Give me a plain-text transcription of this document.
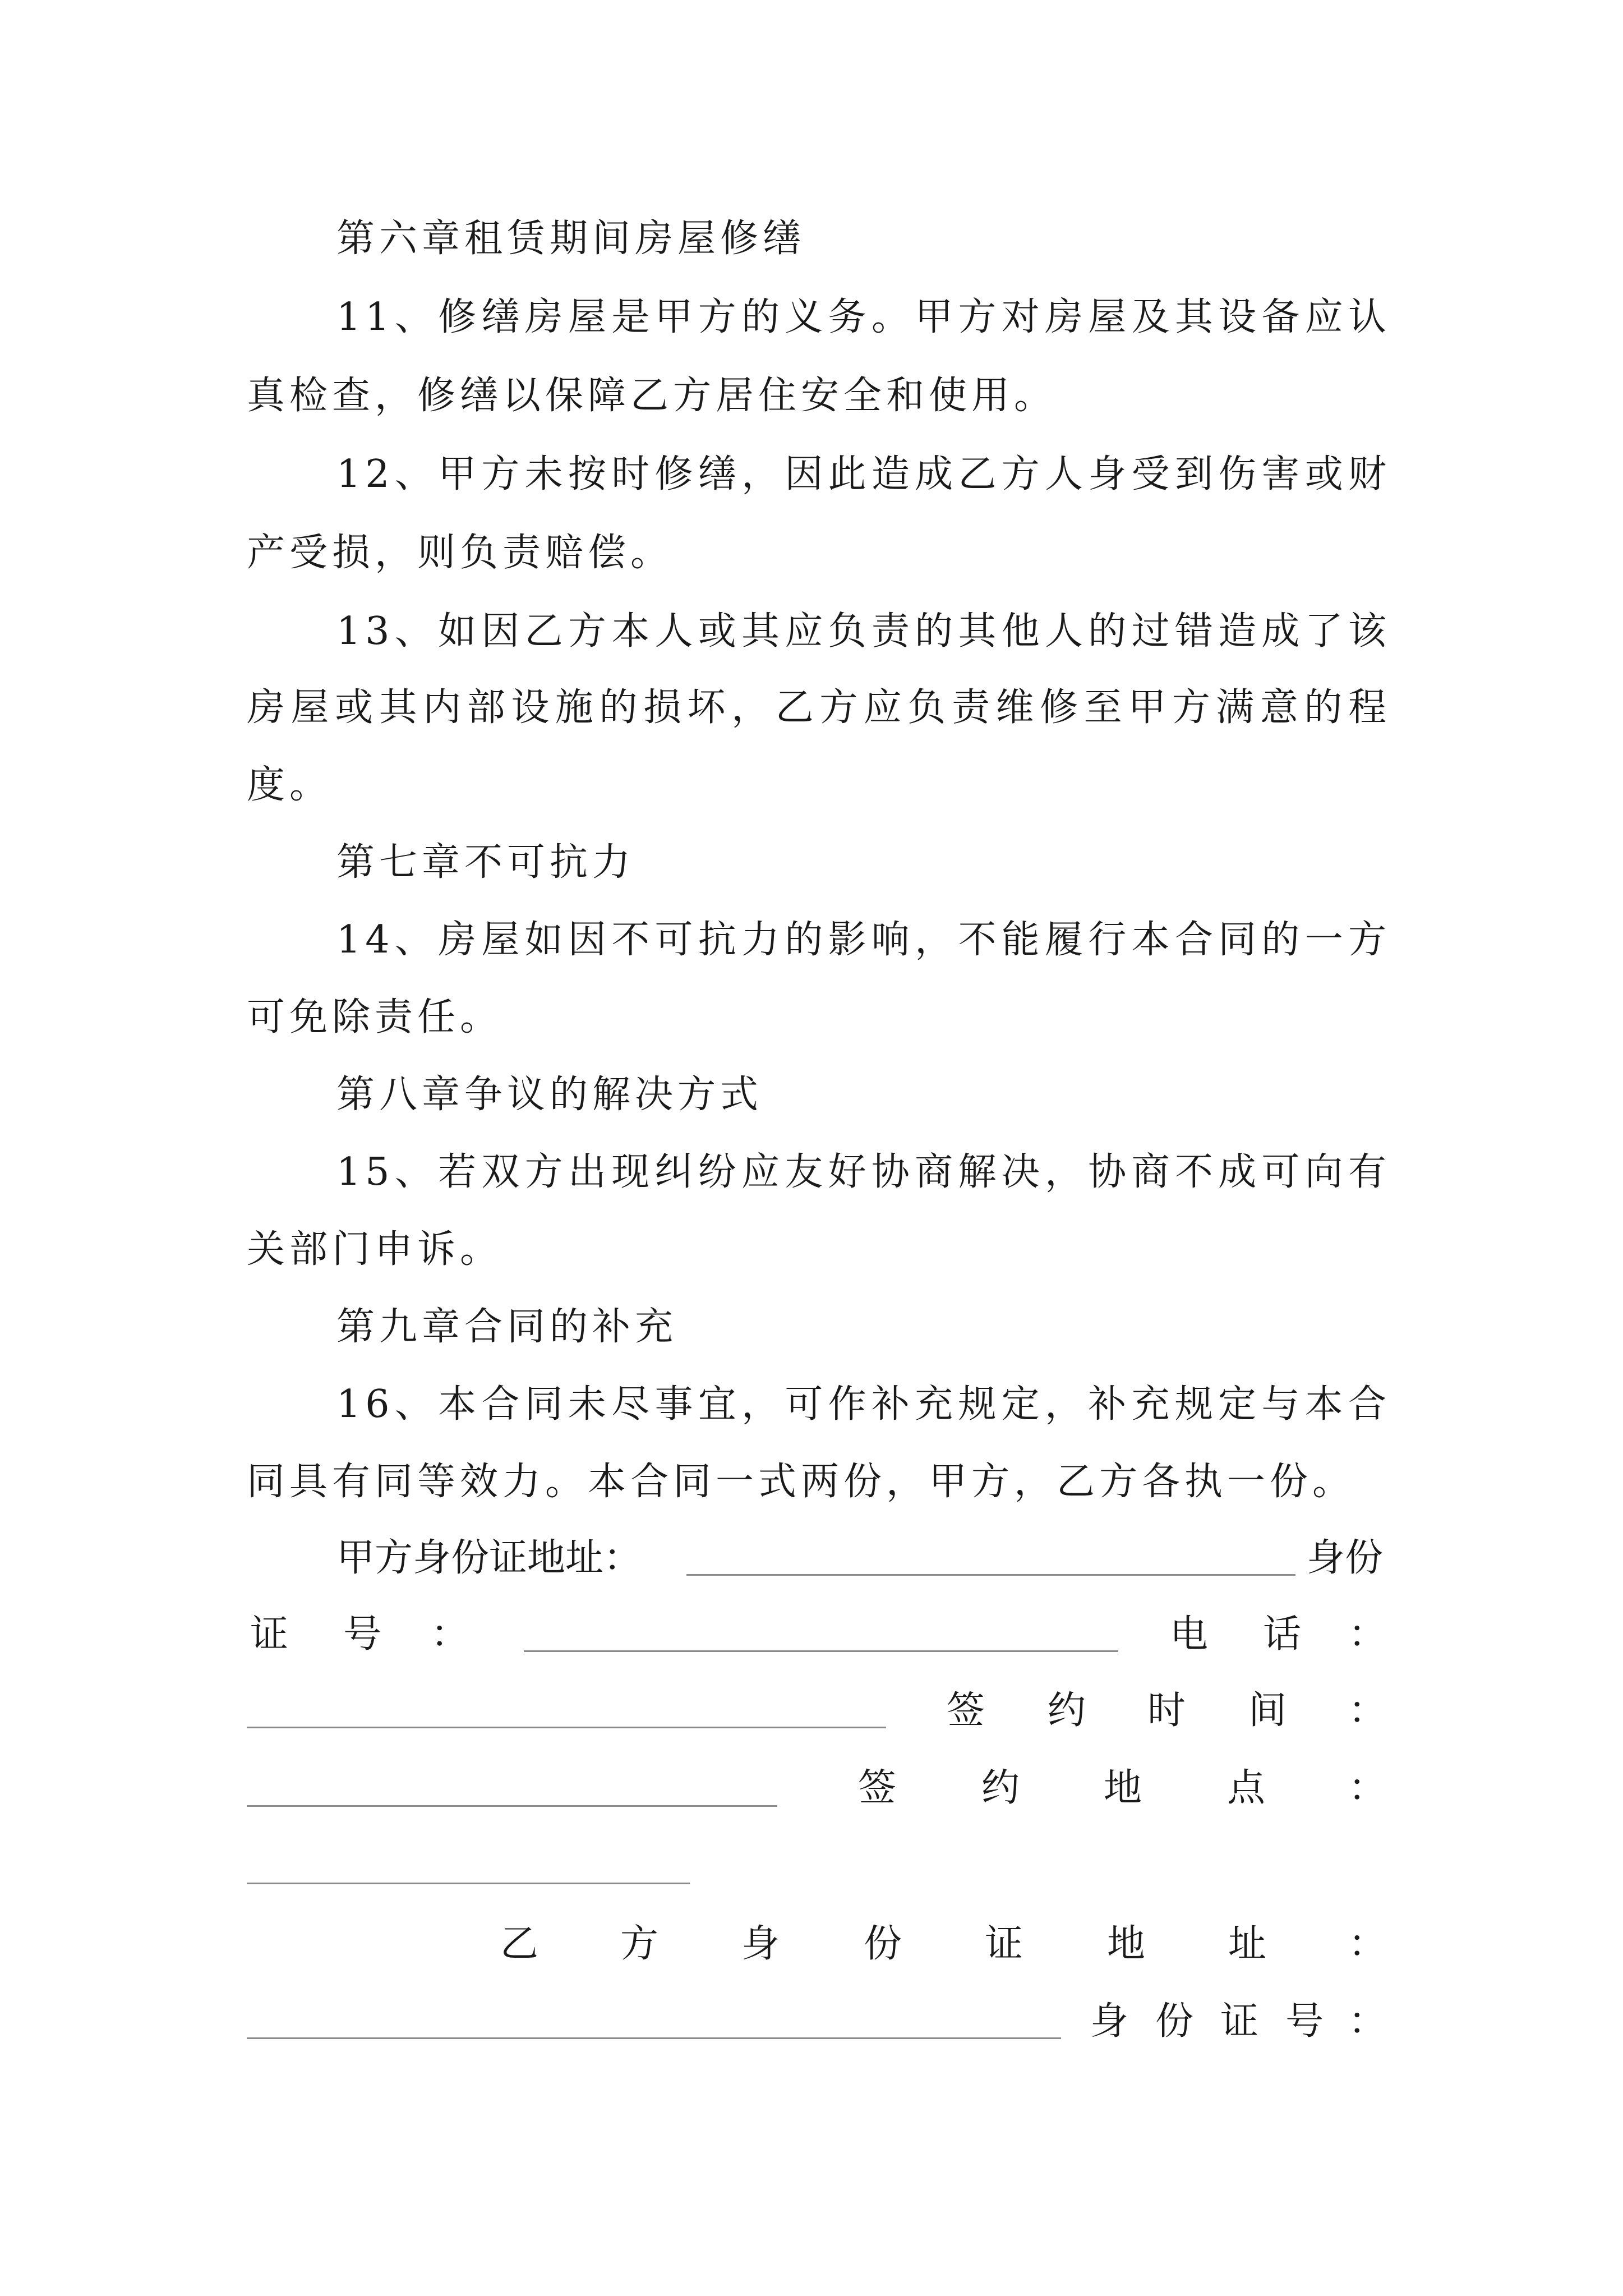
第六章租赁期间房屋修缮
11、修缮房屋是甲方的义务。甲方对房屋及其设备应认
真检查，修缮以保障乙方居住安全和使用。
12、甲方未按时修缮，因此造成乙方人身受到伤害或财
产受损，则负责赔偿。
13、如因乙方本人或其应负责的其他人的过错造成了该
房屋或其内部设施的损坏，乙方应负责维修至甲方满意的程
度。
第七章不可抗力
14、房屋如因不可抗力的影响，不能履行本合同的一方
可免除责任。
第八章争议的解决方式
15、若双方出现纠纷应友好协商解决，协商不成可向有
关部门申诉。
第九章合同的补充
16、本合同未尽事宜，可作补充规定，补充规定与本合
同具有同等效力。本合同一式两份，甲方，乙方各执一份。
甲方身份证地址：	身份
证 号 ：	电 话 ：
签 约 时 间 ：
签 约 地 点 ：
乙 方 身 份 证 地 址 ：
身 份 证 号 ：
